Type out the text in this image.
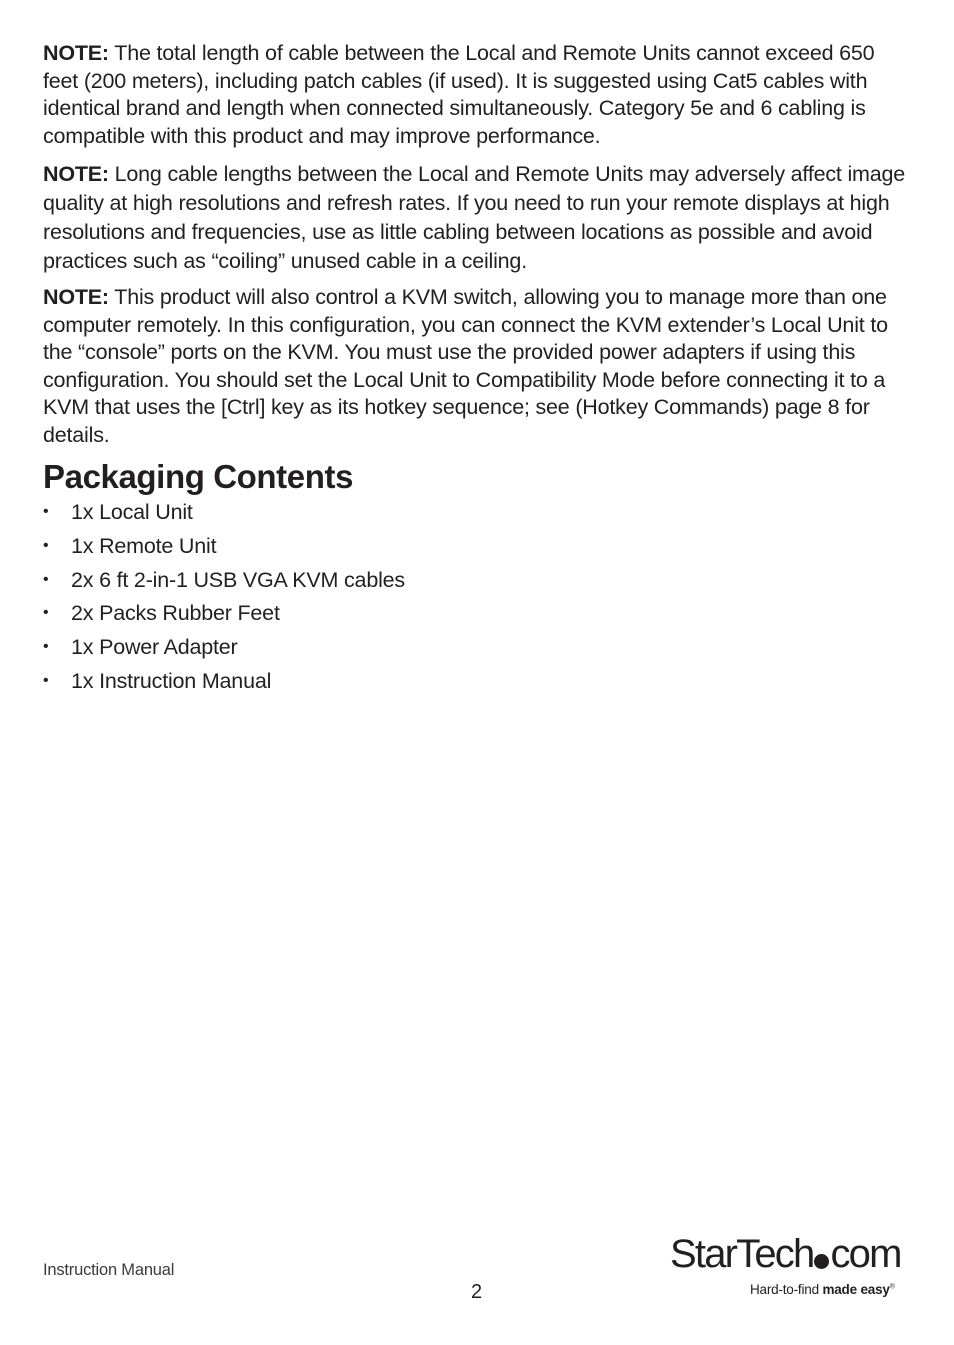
NOTE: The total length of cable between the Local and Remote Units cannot exceed 650 feet (200 meters), including patch cables (if used). It is suggested using Cat5 cables with identical brand and length when connected simultaneously. Category 5e and 6 cabling is compatible with this product and may improve performance.

NOTE: Long cable lengths between the Local and Remote Units may adversely affect image quality at high resolutions and refresh rates. If you need to run your remote displays at high resolutions and frequencies, use as little cabling between locations as possible and avoid practices such as “coiling” unused cable in a ceiling.

NOTE: This product will also control a KVM switch, allowing you to manage more than one computer remotely. In this configuration, you can connect the KVM extender’s Local Unit to the “console” ports on the KVM. You must use the provided power adapters if using this configuration. You should set the Local Unit to Compatibility Mode before connecting it to a KVM that uses the [Ctrl] key as its hotkey sequence; see (Hotkey Commands) page 8 for details.

Packaging Contents
• 1x Local Unit
• 1x Remote Unit
• 2x 6 ft 2-in-1 USB VGA KVM cables
• 2x Packs Rubber Feet
• 1x Power Adapter
• 1x Instruction Manual
Instruction Manual
2
StarTech com
Hard-to-find made easy®
